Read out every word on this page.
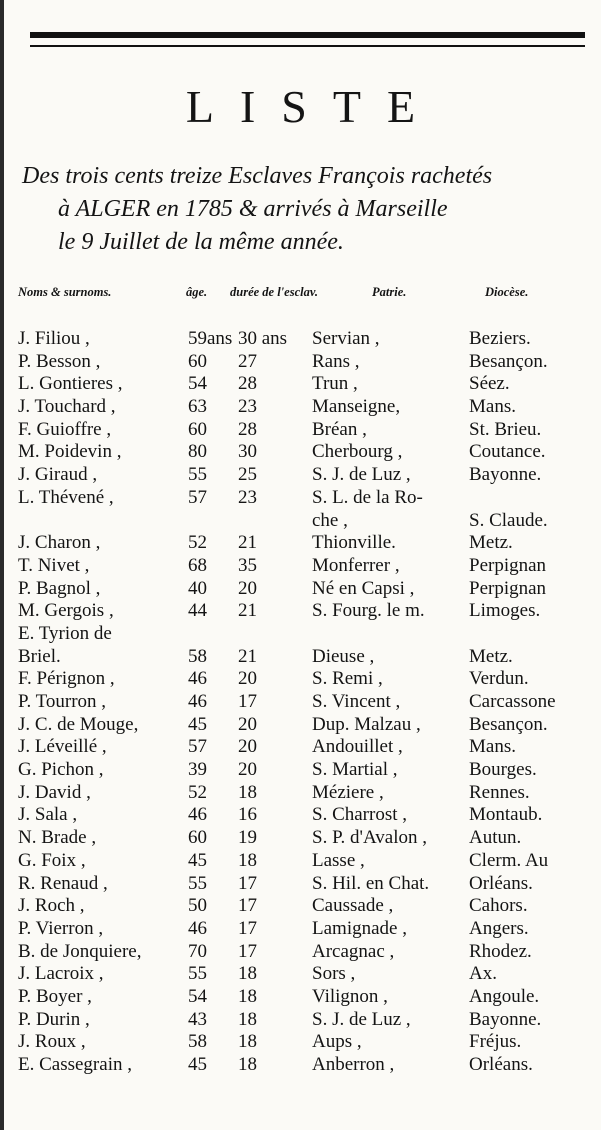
LISTE
Des trois cents treize Esclaves François rachetés
à ALGER en 1785 & arrivés à Marseille
le 9 Juillet de la même année.
Noms & surnoms.	âge. durée de l'esclav.	Patrie.	Diocèse.
J. Filiou ,	59ans 30 ans Servian ,	Beziers.
P. Besson ,	60 27	Rans ,	Besançon.
L. Gontieres ,	54 28	Trun ,	Séez.
J. Touchard ,	63 23	Manseigne,	Mans.
F. Guioffre ,	60 28	Bréan ,	St. Brieu.
M. Poidevin ,	80 30	Cherbourg ,	Coutance.
J. Giraud ,	55 25	S. J. de Luz ,	Bayonne.
L. Thévené ,	57 23	S. L. de la Ro-
che ,	S. Claude.
J. Charon ,	52 21	Thionville.	Metz.
T. Nivet ,	68 35	Monferrer ,	Perpignan
P. Bagnol ,	40 20	Né en Capsi ,	Perpignan
M. Gergois ,	44 21	S. Fourg. le m. Limoges.
E. Tyrion de
Briel.	58 21	Dieuse ,	Metz.
F. Pérignon ,	46 20	S. Remi ,	Verdun.
P. Tourron ,	46 17	S. Vincent ,	Carcassone
J. C. de Mouge,	45 20	Dup. Malzau ,	Besançon.
J. Léveillé ,	57 20	Andouillet ,	Mans.
G. Pichon ,	39 20	S. Martial ,	Bourges.
J. David ,	52 18	Méziere ,	Rennes.
J. Sala ,	46 16	S. Charrost ,	Montaub.
N. Brade ,	60 19	S. P. d'Avalon , Autun.
G. Foix ,	45 18	Lasse ,	Clerm. Au
R. Renaud ,	55 17	S. Hil. en Chat. Orléans.
J. Roch ,	50 17	Caussade ,	Cahors.
P. Vierron ,	46 17	Lamignade ,	Angers.
B. de Jonquiere, 70 17	Arcagnac ,	Rhodez.
J. Lacroix ,	55 18	Sors ,	Ax.
P. Boyer ,	54 18	Vilignon ,	Angoule.
P. Durin ,	43 18	S. J. de Luz ,	Bayonne.
J. Roux ,	58 18	Aups ,	Fréjus.
E. Cassegrain ,	45 18	Anberron ,	Orléans.
